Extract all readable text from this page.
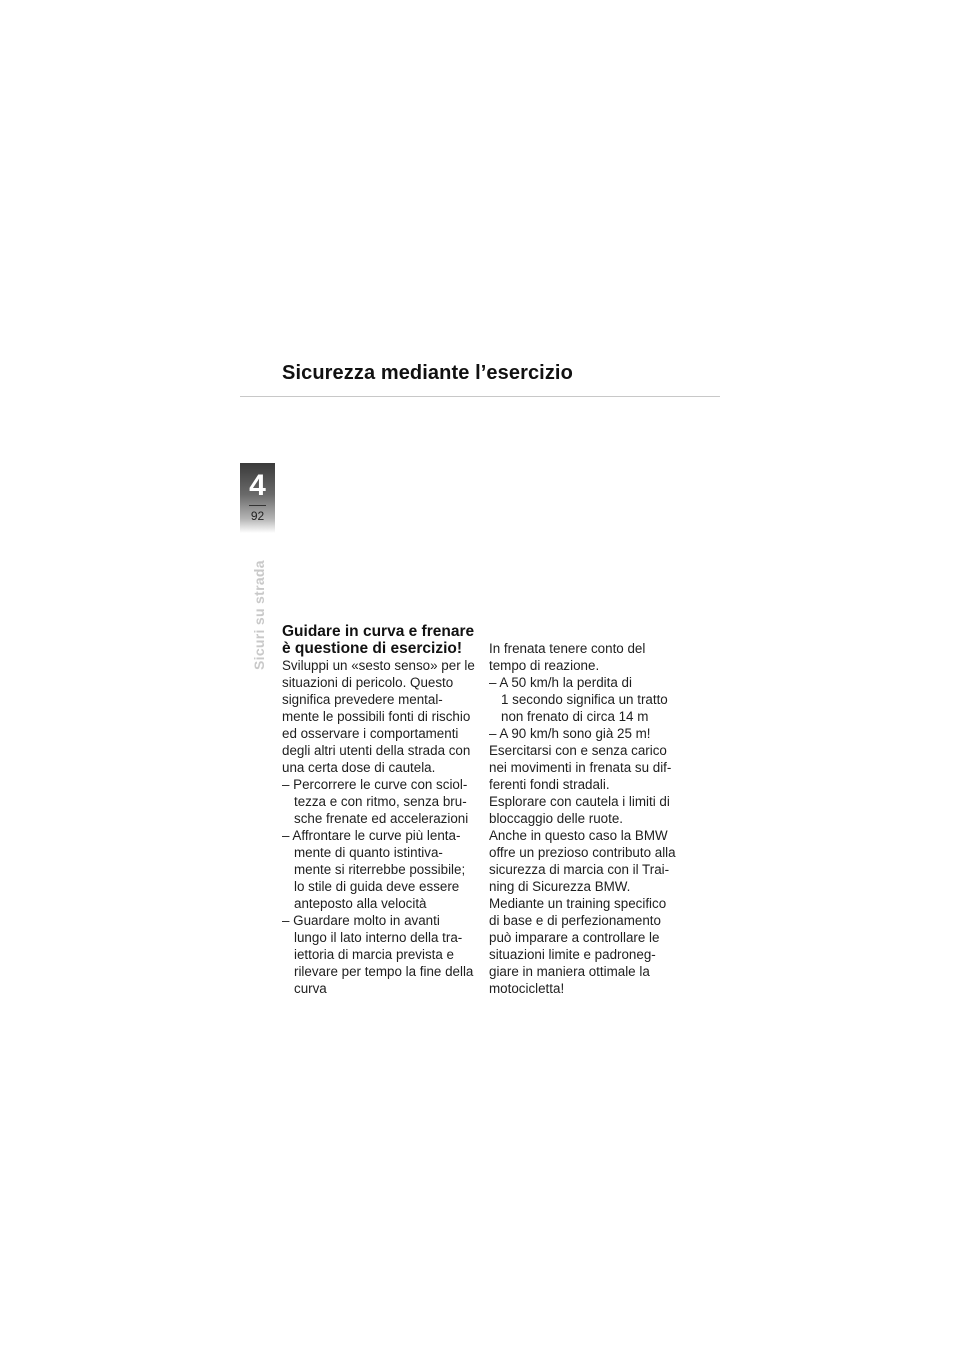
Sicurezza mediante l’esercizio
4
92
Sicuri su strada Guidare in curva e frenare
è questione di esercizio!
Sviluppi un «sesto senso» per le
situazioni di pericolo. Questo
significa prevedere mental-
mente le possibili fonti di rischio
ed osservare i comportamenti
degli altri utenti della strada con
una certa dose di cautela.
– Percorrere le curve con sciol-
tezza e con ritmo, senza bru-
sche frenate ed accelerazioni
– Affrontare le curve più lenta-
mente di quanto istintiva-
mente si riterrebbe possibile;
lo stile di guida deve essere
anteposto alla velocità
– Guardare molto in avanti
lungo il lato interno della tra-
iettoria di marcia prevista e
rilevare per tempo la fine della
curva
In frenata tenere conto del
tempo di reazione.
– A 50 km/h la perdita di
1 secondo significa un tratto
non frenato di circa 14 m
– A 90 km/h sono già 25 m!
Esercitarsi con e senza carico
nei movimenti in frenata su dif-
ferenti fondi stradali.
Esplorare con cautela i limiti di
bloccaggio delle ruote.
Anche in questo caso la BMW
offre un prezioso contributo alla
sicurezza di marcia con il Trai-
ning di Sicurezza BMW.
Mediante un training specifico
di base e di perfezionamento
può imparare a controllare le
situazioni limite e padroneg-
giare in maniera ottimale la
motocicletta!
